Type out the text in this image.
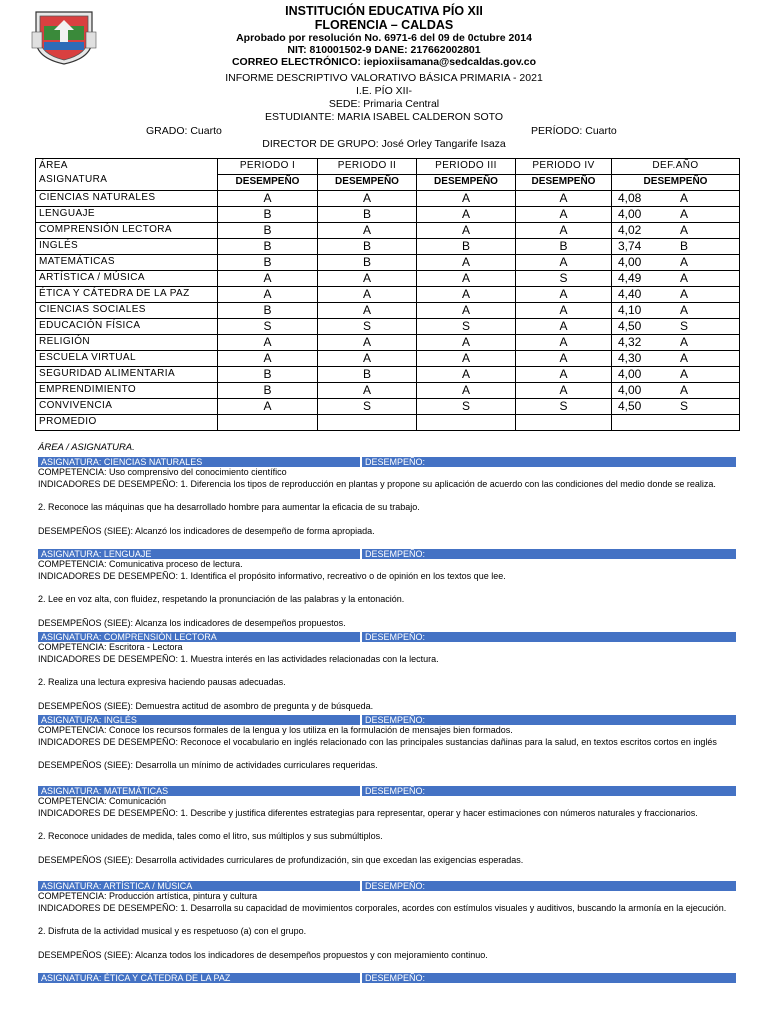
INSTITUCIÓN EDUCATIVA PÍO XII
FLORENCIA – CALDAS
Aprobado por resolución No. 6971-6 del 09 de 0ctubre 2014
NIT: 810001502-9 DANE: 217662002801
CORREO ELECTRÓNICO: iepioxiisamana@sedcaldas.gov.co
INFORME DESCRIPTIVO VALORATIVO BÁSICA PRIMARIA - 2021
I.E. PÍO XII-
SEDE: Primaria Central
ESTUDIANTE: MARIA ISABEL CALDERON SOTO
GRADO: Cuarto	PERÍODO: Cuarto
DIRECTOR DE GRUPO: José Orley Tangarife Isaza
ÁREA
ASIGNATURA	PERIODO I	PERIODO II	PERIODO III	PERIODO IV	DEF.AÑO
	DESEMPEÑO	DESEMPEÑO	DESEMPEÑO	DESEMPEÑO	DESEMPEÑO
CIENCIAS NATURALES	A	A	A	A	4,08 A
LENGUAJE	B	B	A	A	4,00 A
COMPRENSIÓN LECTORA	B	A	A	A	4,02 A
INGLÉS	B	B	B	B	3,74 B
MATEMÁTICAS	B	B	A	A	4,00 A
ARTÍSTICA / MÚSICA	A	A	A	S	4,49 A
ÉTICA Y CÁTEDRA DE LA PAZ	A	A	A	A	4,40 A
CIENCIAS SOCIALES	B	A	A	A	4,10 A
EDUCACIÓN FÍSICA	S	S	S	A	4,50 S
RELIGIÓN	A	A	A	A	4,32 A
ESCUELA VIRTUAL	A	A	A	A	4,30 A
SEGURIDAD ALIMENTARIA	B	B	A	A	4,00 A
EMPRENDIMIENTO	B	A	A	A	4,00 A
CONVIVENCIA	A	S	S	S	4,50 S
PROMEDIO					
ÁREA / ASIGNATURA.
ASIGNATURA: CIENCIAS NATURALES	DESEMPEÑO:
COMPETENCIA: Uso comprensivo del conocimiento científico
INDICADORES DE DESEMPEÑO: 1. Diferencia los tipos de reproducción en plantas y propone su aplicación de acuerdo con las condiciones del medio donde se realiza.
2. Reconoce las máquinas que ha desarrollado hombre para aumentar la eficacia de su trabajo.
DESEMPEÑOS (SIEE): Alcanzó los indicadores de desempeño de forma apropiada.
ASIGNATURA: LENGUAJE	DESEMPEÑO:
COMPETENCIA: Comunicativa proceso de lectura.
INDICADORES DE DESEMPEÑO: 1. Identifica el propósito informativo, recreativo o de opinión en los textos que lee.
2. Lee en voz alta, con fluidez, respetando la pronunciación de las palabras y la entonación.
DESEMPEÑOS (SIEE): Alcanza los indicadores de desempeños propuestos.
ASIGNATURA: COMPRENSIÓN LECTORA	DESEMPEÑO:
COMPETENCIA: Escritora - Lectora
INDICADORES DE DESEMPEÑO: 1. Muestra interés en las actividades relacionadas con la lectura.
2. Realiza una lectura expresiva haciendo pausas adecuadas.
DESEMPEÑOS (SIEE): Demuestra actitud de asombro de pregunta y de búsqueda.
ASIGNATURA: INGLÉS	DESEMPEÑO:
COMPETENCIA: Conoce los recursos formales de la lengua y los utiliza en la formulación de mensajes bien formados.
INDICADORES DE DESEMPEÑO: Reconoce el vocabulario en inglés relacionado con las principales sustancias dañinas para la salud, en textos escritos cortos en inglés
DESEMPEÑOS (SIEE): Desarrolla un mínimo de actividades curriculares requeridas.
ASIGNATURA: MATEMÁTICAS	DESEMPEÑO:
COMPETENCIA: Comunicación
INDICADORES DE DESEMPEÑO: 1. Describe y justifica diferentes estrategias para representar, operar y hacer estimaciones con números naturales y fraccionarios.
2. Reconoce unidades de medida, tales como el litro, sus múltiplos y sus submúltiplos.
DESEMPEÑOS (SIEE): Desarrolla actividades curriculares de profundización, sin que excedan las exigencias esperadas.
ASIGNATURA: ARTÍSTICA / MÚSICA	DESEMPEÑO:
COMPETENCIA: Producción artística, pintura y cultura
INDICADORES DE DESEMPEÑO: 1. Desarrolla su capacidad de movimientos corporales, acordes con estímulos visuales y auditivos, buscando la armonía en la ejecución.
2. Disfruta de la actividad musical y es respetuoso (a) con el grupo.
DESEMPEÑOS (SIEE): Alcanza todos los indicadores de desempeños propuestos y con mejoramiento continuo.
ASIGNATURA: ÉTICA Y CÁTEDRA DE LA PAZ	DESEMPEÑO:
